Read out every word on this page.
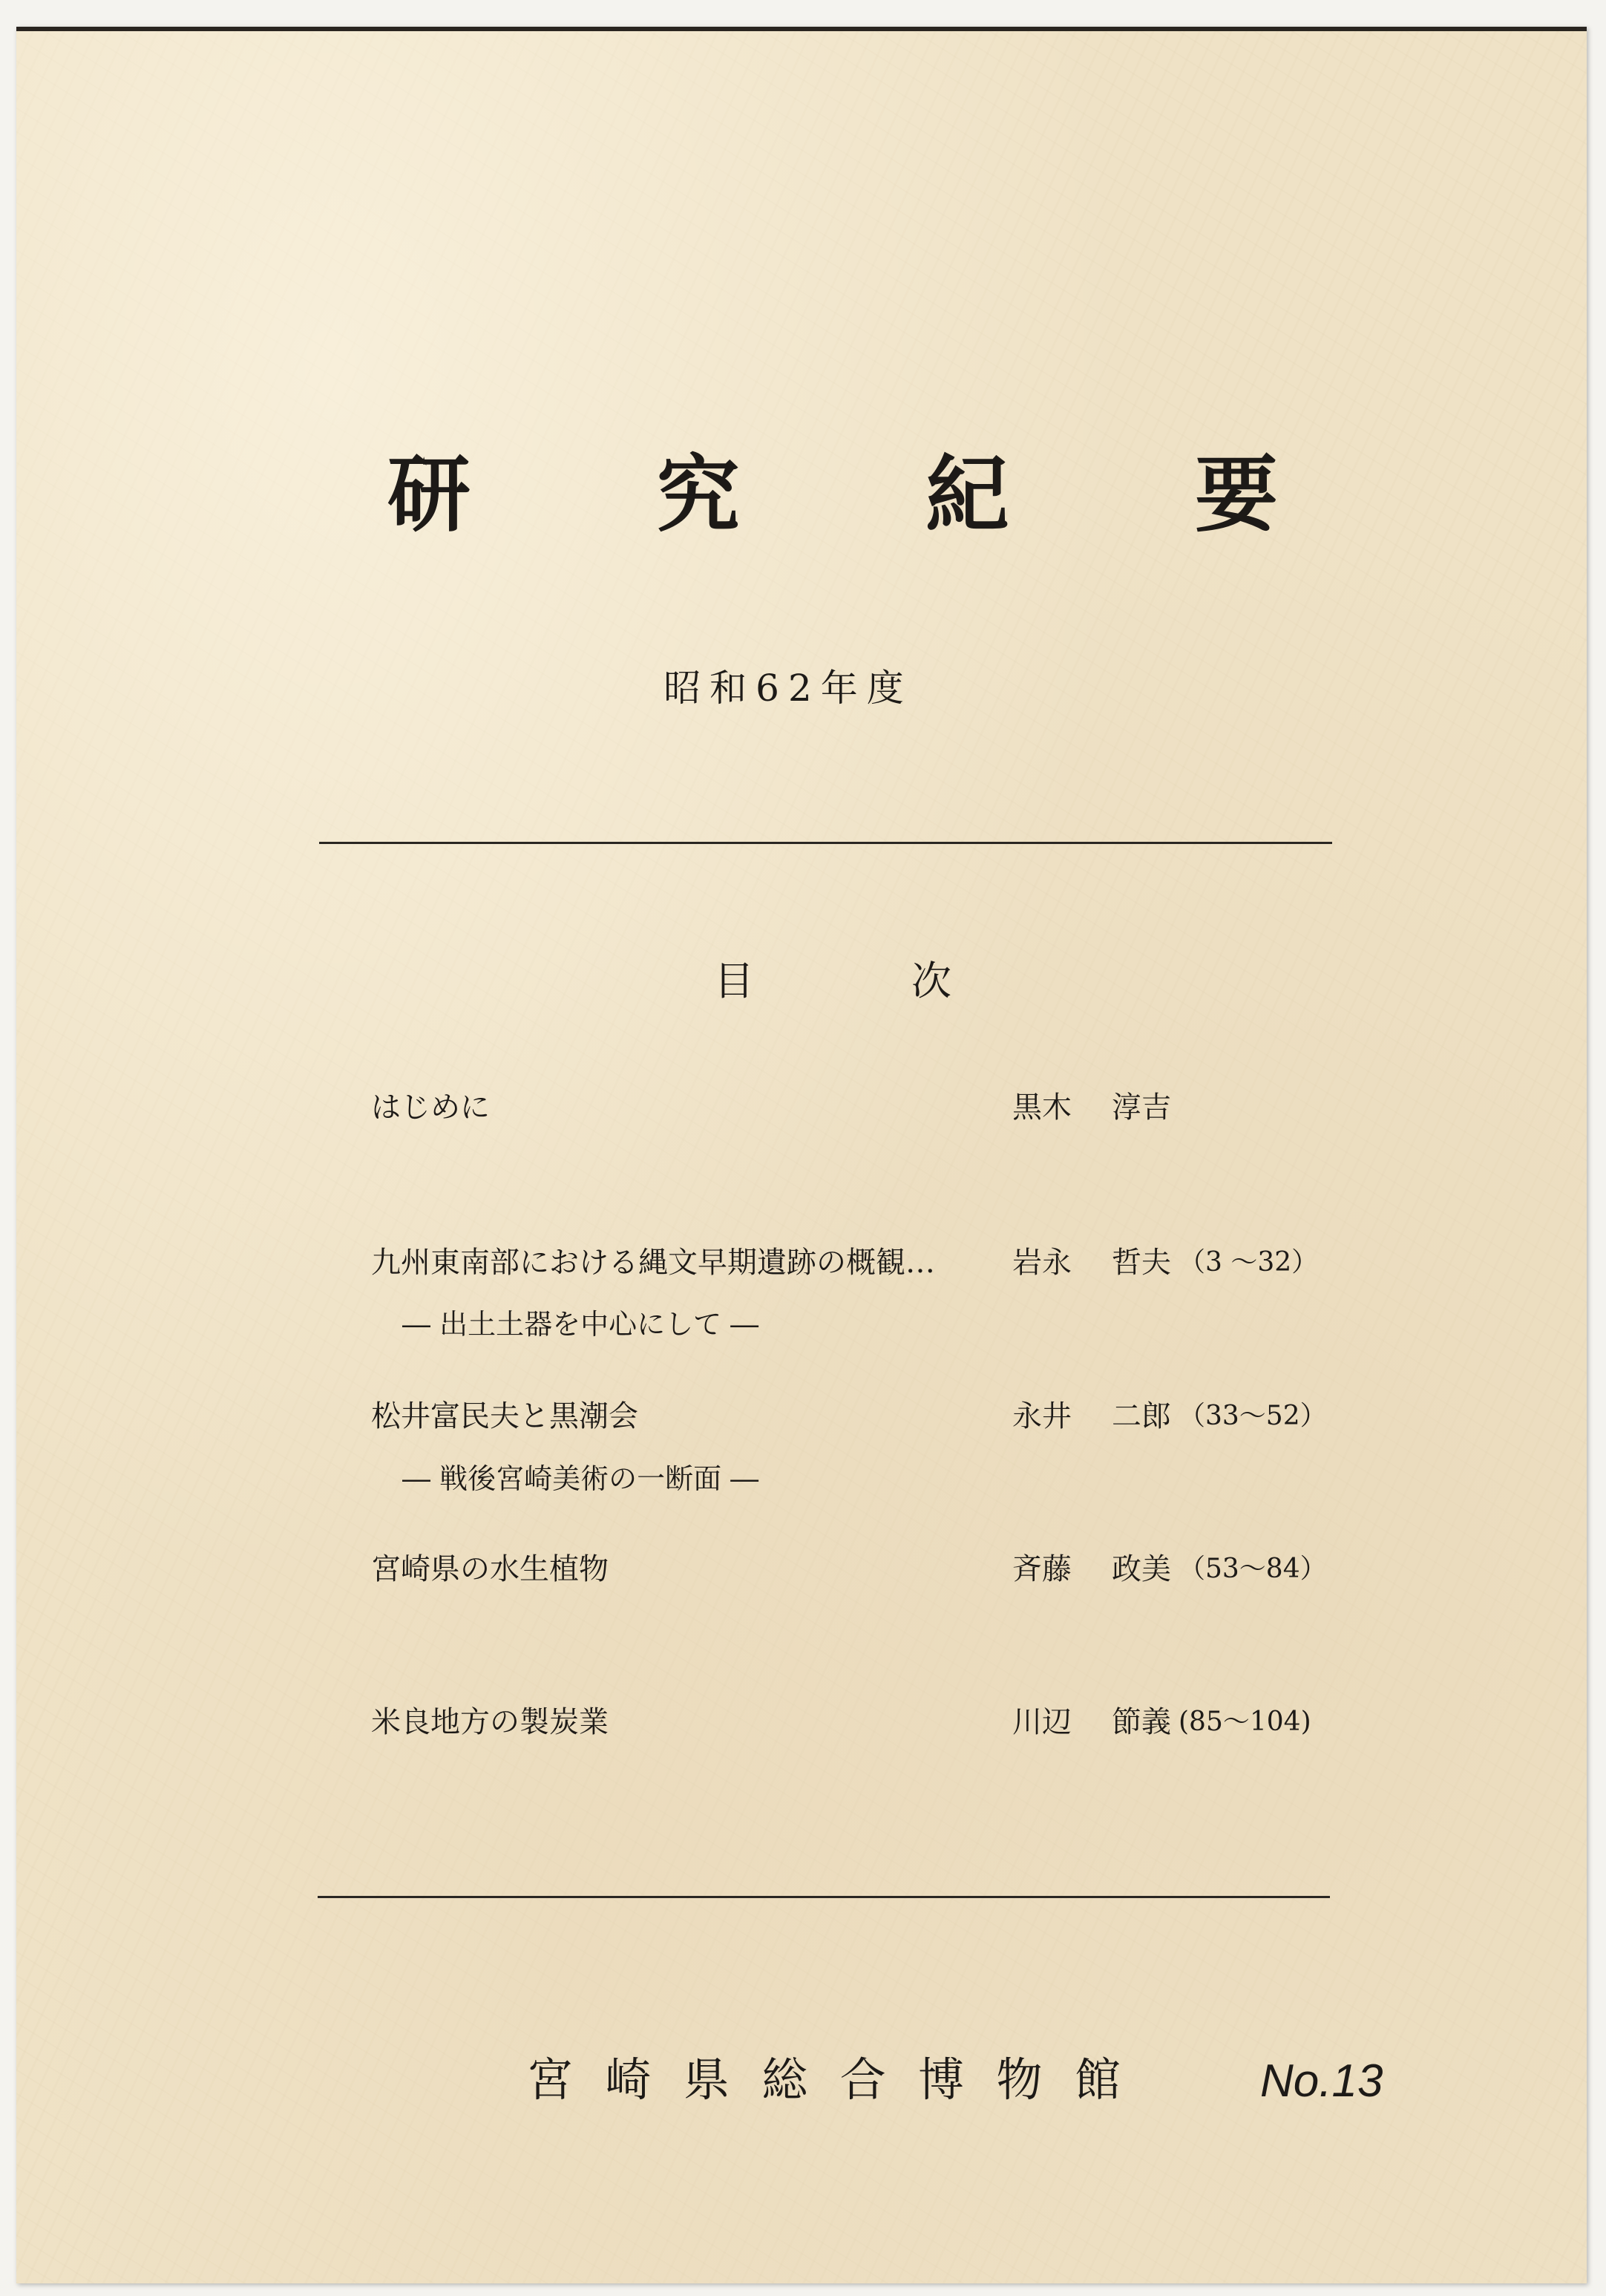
研 究 紀 要
昭和62年度
目	次
はじめに	黒木 淳吉
九州東南部における縄文早期遺跡の概観…	岩永 哲夫 （3 ～32）
― 出土土器を中心にして ―
松井富民夫と黒潮会	永井 二郎 （33～52）
― 戦後宮崎美術の一断面 ―
宮崎県の水生植物	斉藤 政美 （53～84）
米良地方の製炭業	川辺 節義 (85～104)
宮 崎 県 総 合 博 物 館	No.13
